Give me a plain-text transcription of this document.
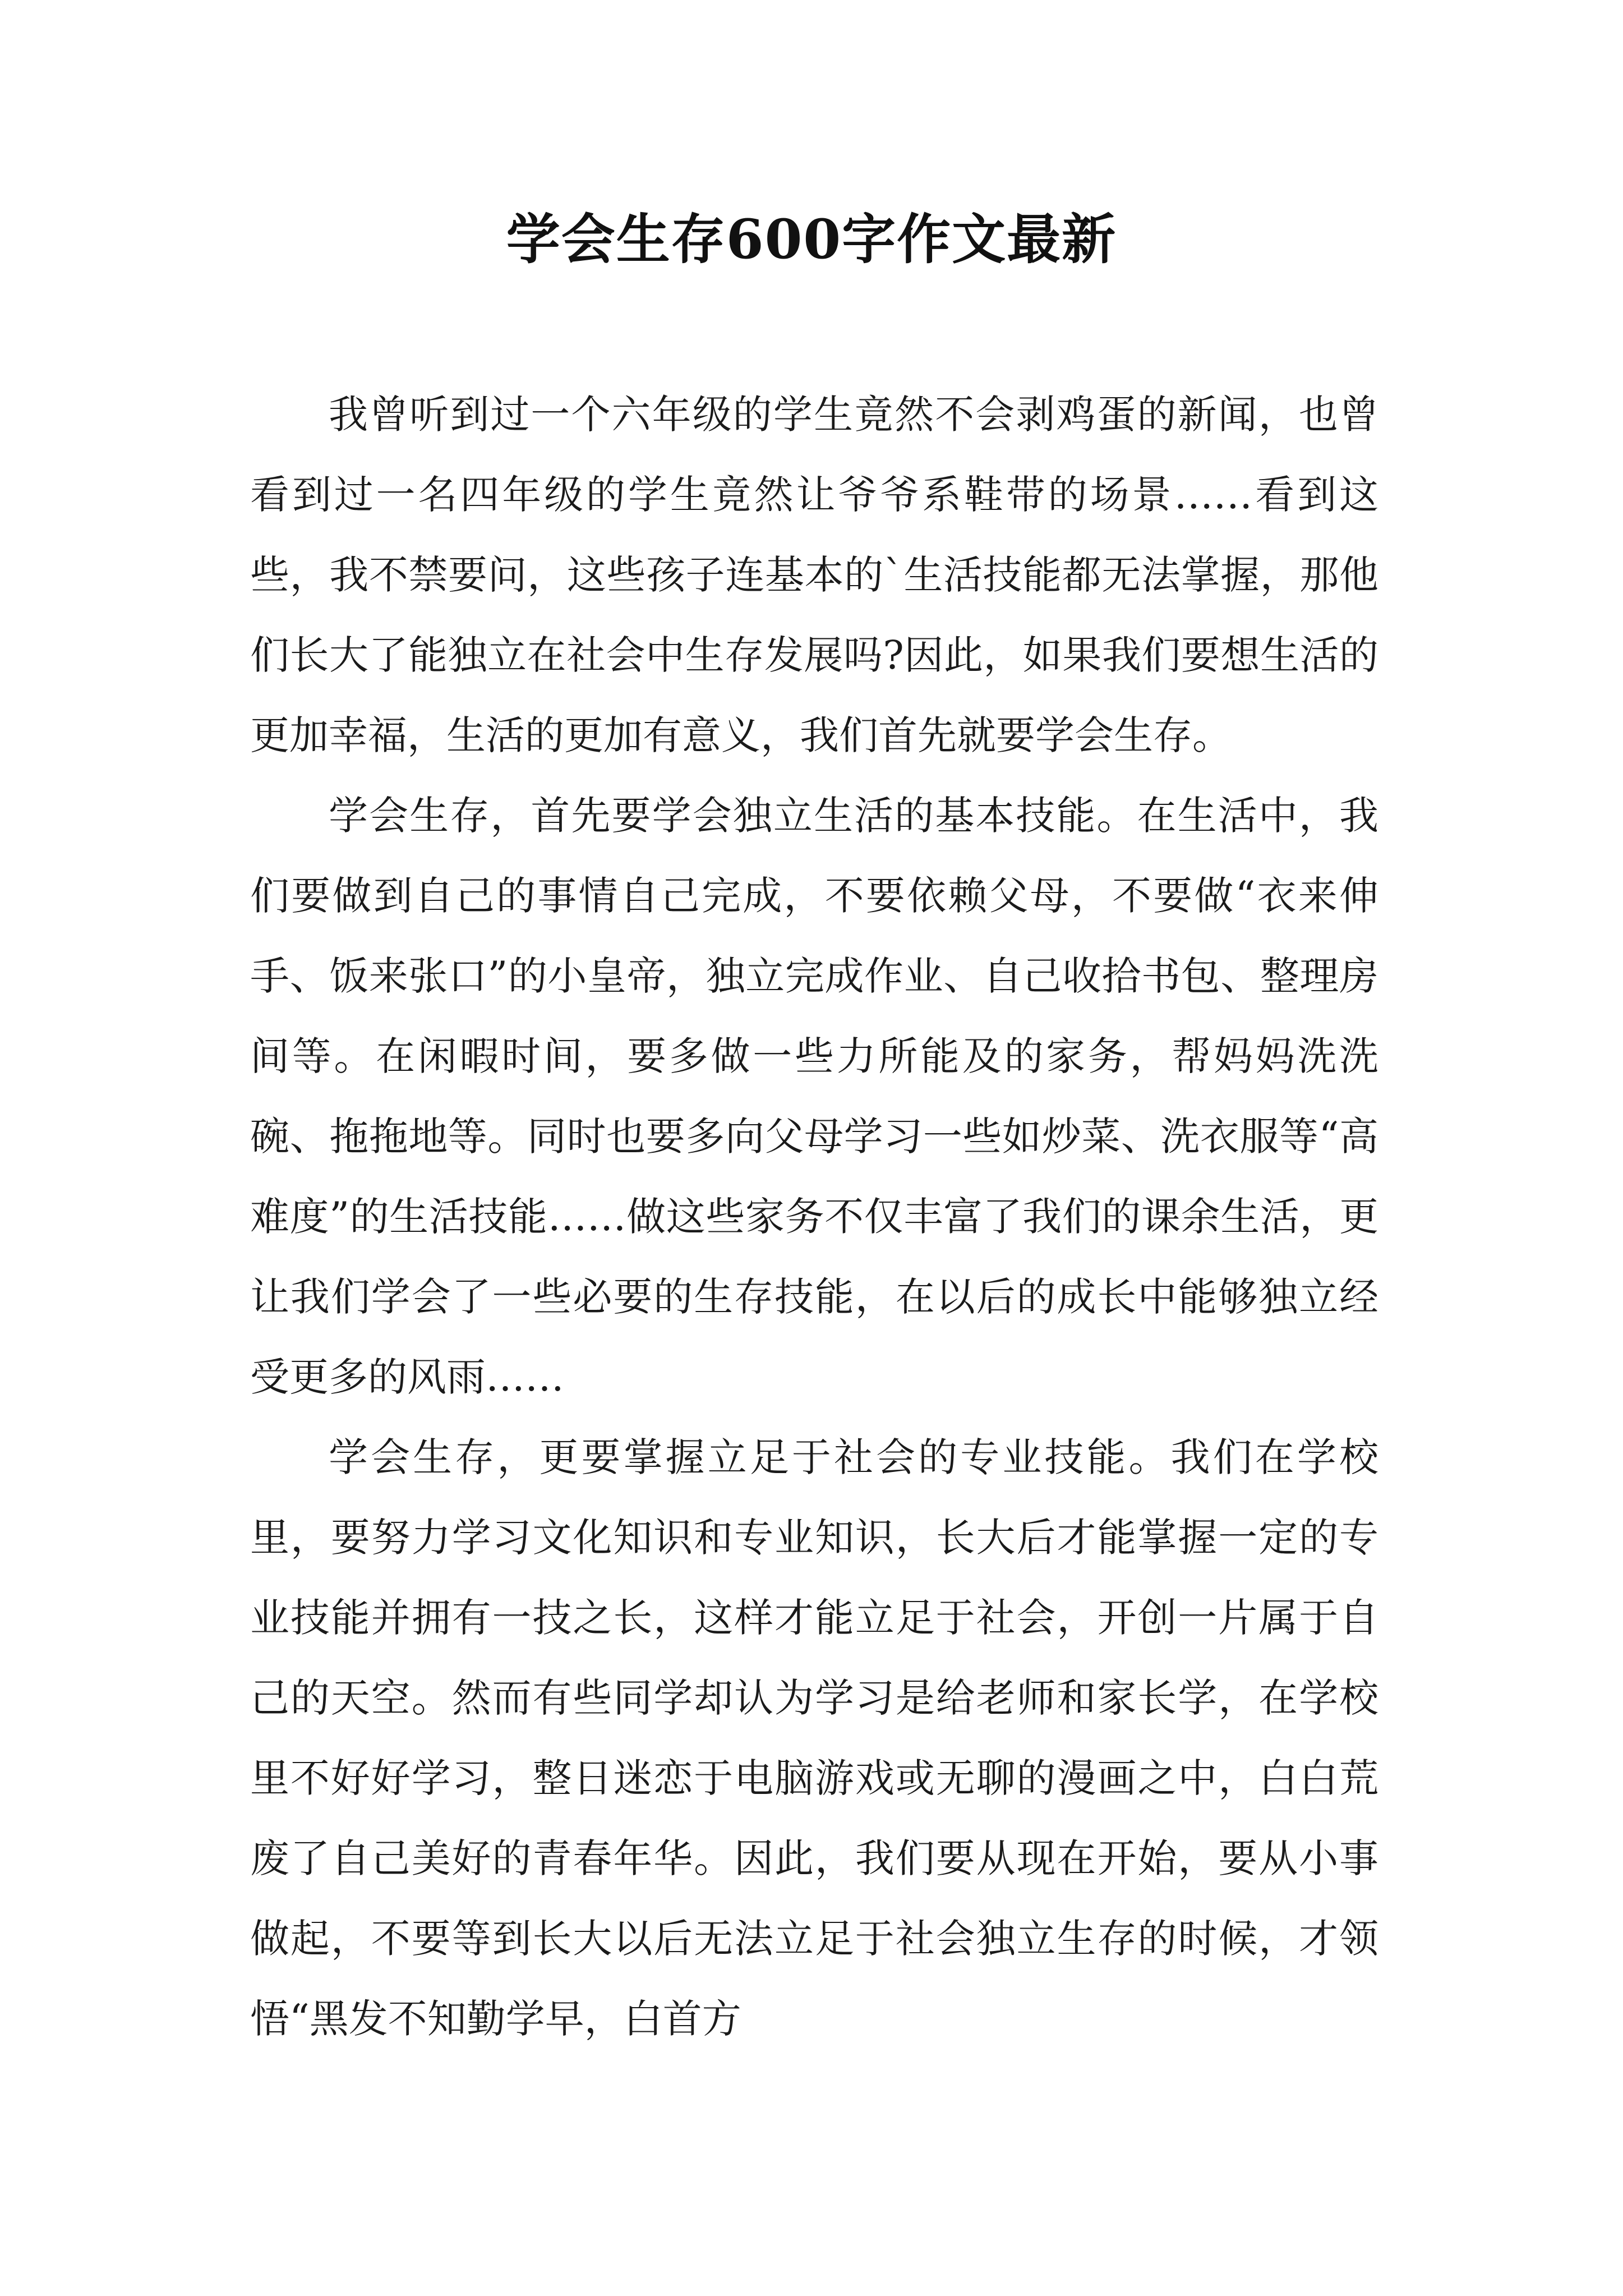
学会生存600字作文最新

我曾听到过一个六年级的学生竟然不会剥鸡蛋的新闻，也曾看到过一名四年级的学生竟然让爷爷系鞋带的场景……看到这些，我不禁要问，这些孩子连基本的`生活技能都无法掌握，那他们长大了能独立在社会中生存发展吗?因此，如果我们要想生活的更加幸福，生活的更加有意义，我们首先就要学会生存。

学会生存，首先要学会独立生活的基本技能。在生活中，我们要做到自己的事情自己完成，不要依赖父母，不要做“衣来伸手、饭来张口”的小皇帝，独立完成作业、自己收拾书包、整理房间等。在闲暇时间，要多做一些力所能及的家务，帮妈妈洗洗碗、拖拖地等。同时也要多向父母学习一些如炒菜、洗衣服等“高难度”的生活技能……做这些家务不仅丰富了我们的课余生活，更让我们学会了一些必要的生存技能，在以后的成长中能够独立经受更多的风雨……

学会生存，更要掌握立足于社会的专业技能。我们在学校里，要努力学习文化知识和专业知识，长大后才能掌握一定的专业技能并拥有一技之长，这样才能立足于社会，开创一片属于自己的天空。然而有些同学却认为学习是给老师和家长学，在学校里不好好学习，整日迷恋于电脑游戏或无聊的漫画之中，白白荒废了自己美好的青春年华。因此，我们要从现在开始，要从小事做起，不要等到长大以后无法立足于社会独立生存的时候，才领悟“黑发不知勤学早，白首方
